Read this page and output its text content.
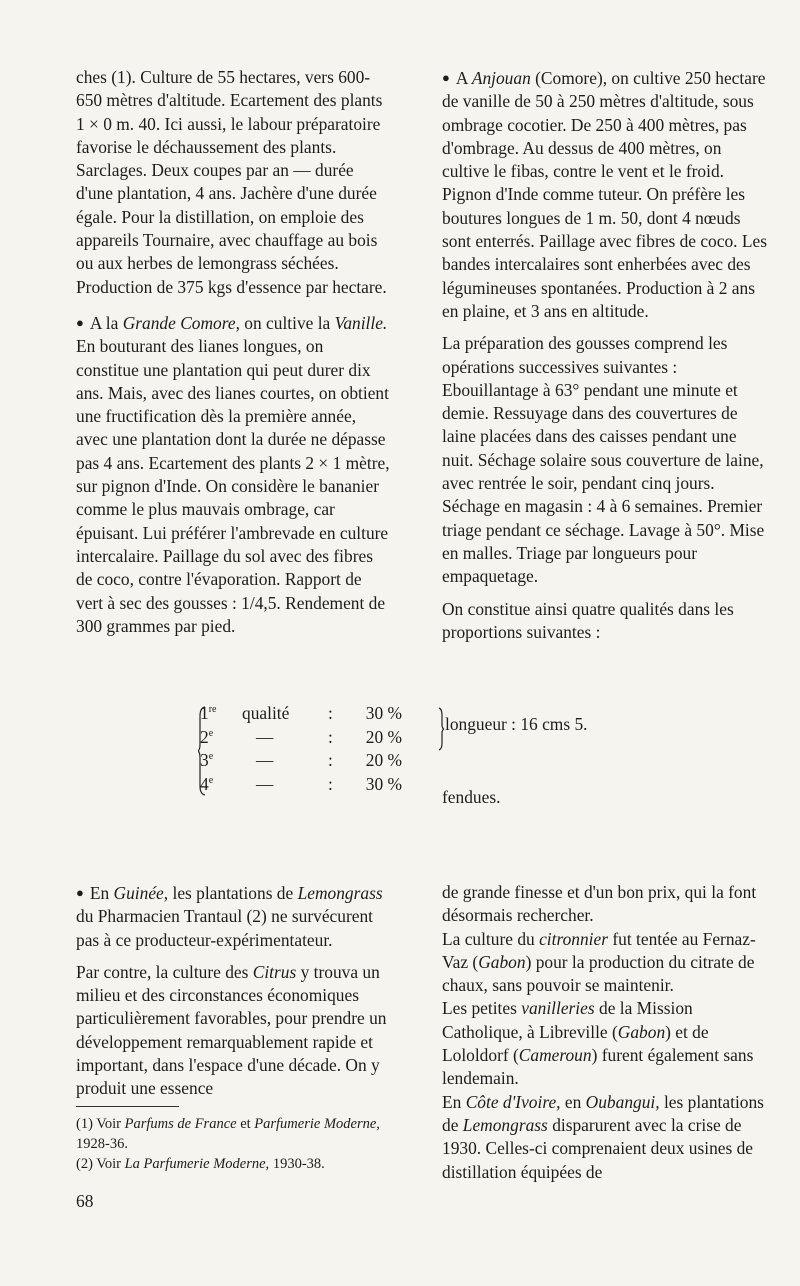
ches (1). Culture de 55 hectares, vers 600-650 mètres d'altitude. Ecartement des plants 1 × 0 m. 40. Ici aussi, le labour préparatoire favorise le déchaussement des plants. Sarclages. Deux coupes par an — durée d'une plantation, 4 ans. Jachère d'une durée égale. Pour la distillation, on emploie des appareils Tournaire, avec chauffage au bois ou aux herbes de lemongrass séchées. Production de 375 kgs d'essence par hectare.

● A la Grande Comore, on cultive la Vanille. En bouturant des lianes longues, on constitue une plantation qui peut durer dix ans. Mais, avec des lianes courtes, on obtient une fructification dès la première année, avec une plantation dont la durée ne dépasse pas 4 ans. Ecartement des plants 2 × 1 mètre, sur pignon d'Inde. On considère le bananier comme le plus mauvais ombrage, car épuisant. Lui préférer l'ambrevade en culture intercalaire. Paillage du sol avec des fibres de coco, contre l'évaporation. Rapport de vert à sec des gousses : 1/4,5. Rendement de 300 grammes par pied.

● A Anjouan (Comore), on cultive 250 hectare de vanille de 50 à 250 mètres d'altitude, sous ombrage cocotier. De 250 à 400 mètres, pas d'ombrage. Au dessus de 400 mètres, on cultive le fibas, contre le vent et le froid. Pignon d'Inde comme tuteur. On préfère les boutures longues de 1 m. 50, dont 4 nœuds sont enterrés. Paillage avec fibres de coco. Les bandes intercalaires sont enherbées avec des légumineuses spontanées. Production à 2 ans en plaine, et 3 ans en altitude.

La préparation des gousses comprend les opérations successives suivantes : Ebouillantage à 63° pendant une minute et demie. Ressuyage dans des couvertures de laine placées dans des caisses pendant une nuit. Séchage solaire sous couverture de laine, avec rentrée le soir, pendant cinq jours. Séchage en magasin : 4 à 6 semaines. Premier triage pendant ce séchage. Lavage à 50°. Mise en malles. Triage par longueurs pour empaquetage.

On constitue ainsi quatre qualités dans les proportions suivantes :

1re	qualité	:	30 %
2e	—	:	20 %
3e	—	:	20 %
4e	—	:	30 %
longueur : 16 cms 5.
fendues.

● En Guinée, les plantations de Lemongrass du Pharmacien Trantaul (2) ne survécurent pas à ce producteur-expérimentateur.

Par contre, la culture des Citrus y trouva un milieu et des circonstances économiques particulièrement favorables, pour prendre un développement remarquablement rapide et important, dans l'espace d'une décade. On y produit une essence

de grande finesse et d'un bon prix, qui la font désormais rechercher.

La culture du citronnier fut tentée au Fernaz-Vaz (Gabon) pour la production du citrate de chaux, sans pouvoir se maintenir.

Les petites vanilleries de la Mission Catholique, à Libreville (Gabon) et de Lololdorf (Cameroun) furent également sans lendemain.

En Côte d'Ivoire, en Oubangui, les plantations de Lemongrass disparurent avec la crise de 1930. Celles-ci comprenaient deux usines de distillation équipées de

(1) Voir Parfums de France et Parfumerie Moderne, 1928-36.

(2) Voir La Parfumerie Moderne, 1930-38.

68
